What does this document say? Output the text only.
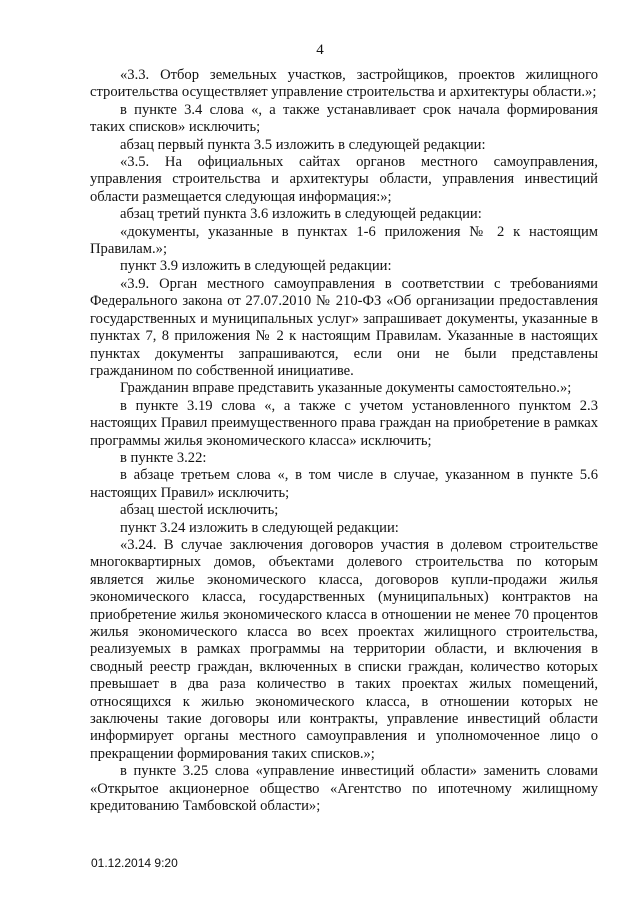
4

«3.3. Отбор земельных участков, застройщиков, проектов жилищного строительства осуществляет управление строительства и архитектуры области.»;

в пункте 3.4 слова «, а также устанавливает срок начала формирования таких списков» исключить;

абзац первый пункта 3.5 изложить в следующей редакции:

«3.5. На официальных сайтах органов местного самоуправления, управления строительства и архитектуры области, управления инвестиций области размещается следующая информация:»;

абзац третий пункта 3.6 изложить в следующей редакции:

«документы, указанные в пунктах 1-6 приложения № 2 к настоящим Правилам.»;

пункт 3.9 изложить в следующей редакции:

«3.9. Орган местного самоуправления в соответствии с требованиями Федерального закона от 27.07.2010 № 210-ФЗ «Об организации предоставления государственных и муниципальных услуг» запрашивает документы, указанные в пунктах 7, 8 приложения № 2 к настоящим Правилам. Указанные в настоящих пунктах документы запрашиваются, если они не были представлены гражданином по собственной инициативе.

Гражданин вправе представить указанные документы самостоятельно.»;

в пункте 3.19 слова «, а также с учетом установленного пунктом 2.3 настоящих Правил преимущественного права граждан на приобретение в рамках программы жилья экономического класса» исключить;

в пункте 3.22:

в абзаце третьем слова «, в том числе в случае, указанном в пункте 5.6 настоящих Правил» исключить;

абзац шестой исключить;

пункт 3.24 изложить в следующей редакции:

«3.24. В случае заключения договоров участия в долевом строительстве многоквартирных домов, объектами долевого строительства по которым является жилье экономического класса, договоров купли-продажи жилья экономического класса, государственных (муниципальных) контрактов на приобретение жилья экономического класса в отношении не менее 70 процентов жилья экономического класса во всех проектах жилищного строительства, реализуемых в рамках программы на территории области, и включения в сводный реестр граждан, включенных в списки граждан, количество которых превышает в два раза количество в таких проектах жилых помещений, относящихся к жилью экономического класса, в отношении которых не заключены такие договоры или контракты, управление инвестиций области информирует органы местного самоуправления и уполномоченное лицо о прекращении формирования таких списков.»;

в пункте 3.25 слова «управление инвестиций области» заменить словами «Открытое акционерное общество «Агентство по ипотечному жилищному кредитованию Тамбовской области»;

01.12.2014 9:20
